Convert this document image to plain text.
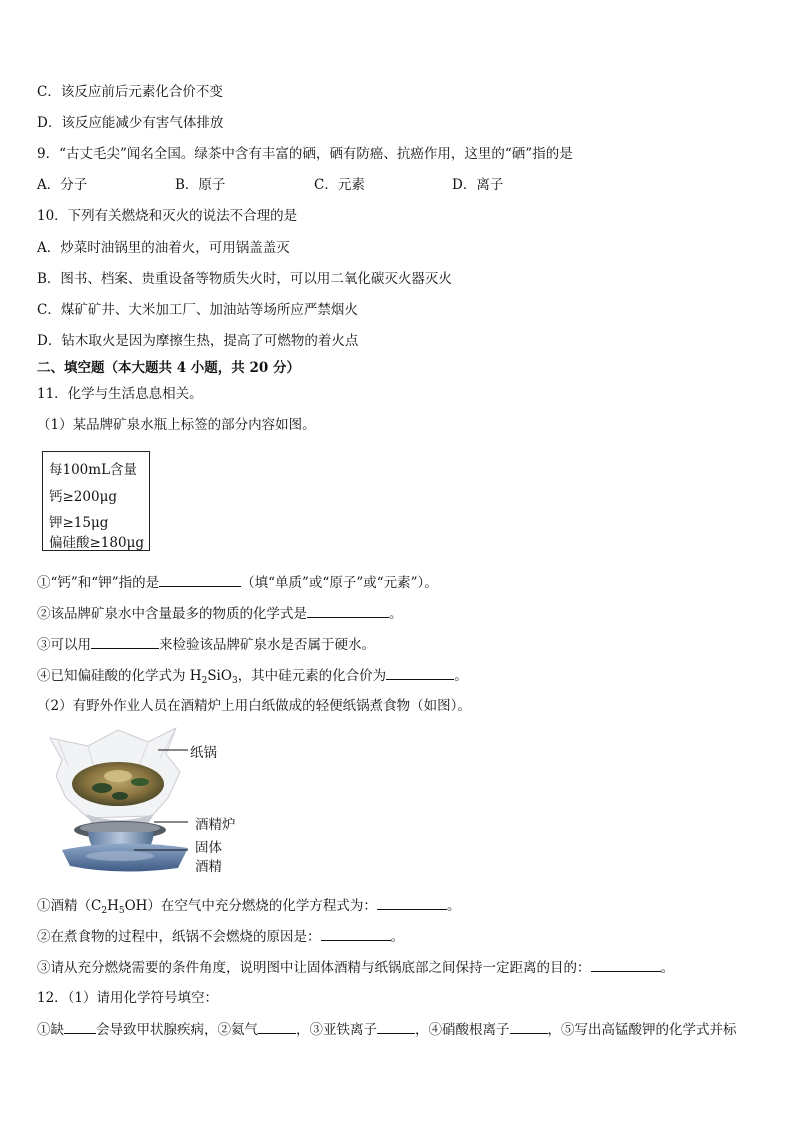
C．该反应前后元素化合价不变
D．该反应能减少有害气体排放
9．“古丈毛尖”闻名全国。绿茶中含有丰富的硒，硒有防癌、抗癌作用，这里的“硒”指的是
A．分子	B．原子	C．元素	D．离子
10．下列有关燃烧和灭火的说法不合理的是
A．炒菜时油锅里的油着火，可用锅盖盖灭
B．图书、档案、贵重设备等物质失火时，可以用二氧化碳灭火器灭火
C．煤矿矿井、大米加工厂、加油站等场所应严禁烟火
D．钻木取火是因为摩擦生热，提高了可燃物的着火点
二、填空题（本大题共 4 小题，共 20 分）
11．化学与生活息息相关。
（1）某品牌矿泉水瓶上标签的部分内容如图。
每100mL含量
钙≥200μg
钾≥15μg
偏硅酸≥180μg
①“钙”和“钾”指的是	（填“单质”或“原子”或“元素”）。
②该品牌矿泉水中含量最多的物质的化学式是	。
③可以用	来检验该品牌矿泉水是否属于硬水。
④已知偏硅酸的化学式为 $H_2SiO_3$，其中硅元素的化合价为	。
（2）有野外作业人员在酒精炉上用白纸做成的轻便纸锅煮食物（如图）。
纸锅
酒精炉
固体
酒精
①酒精$(C_2H_5OH)$在空气中充分燃烧的化学方程式为：	。
②在煮食物的过程中，纸锅不会燃烧的原因是：	。
③请从充分燃烧需要的条件角度，说明图中让固体酒精与纸锅底部之间保持一定距离的目的：	。
12．（1）请用化学符号填空：
①缺 会导致甲状腺疾病，②氦气	，③亚铁离子	，④硝酸根离子	，⑤写出高锰酸钾的化学式并标
